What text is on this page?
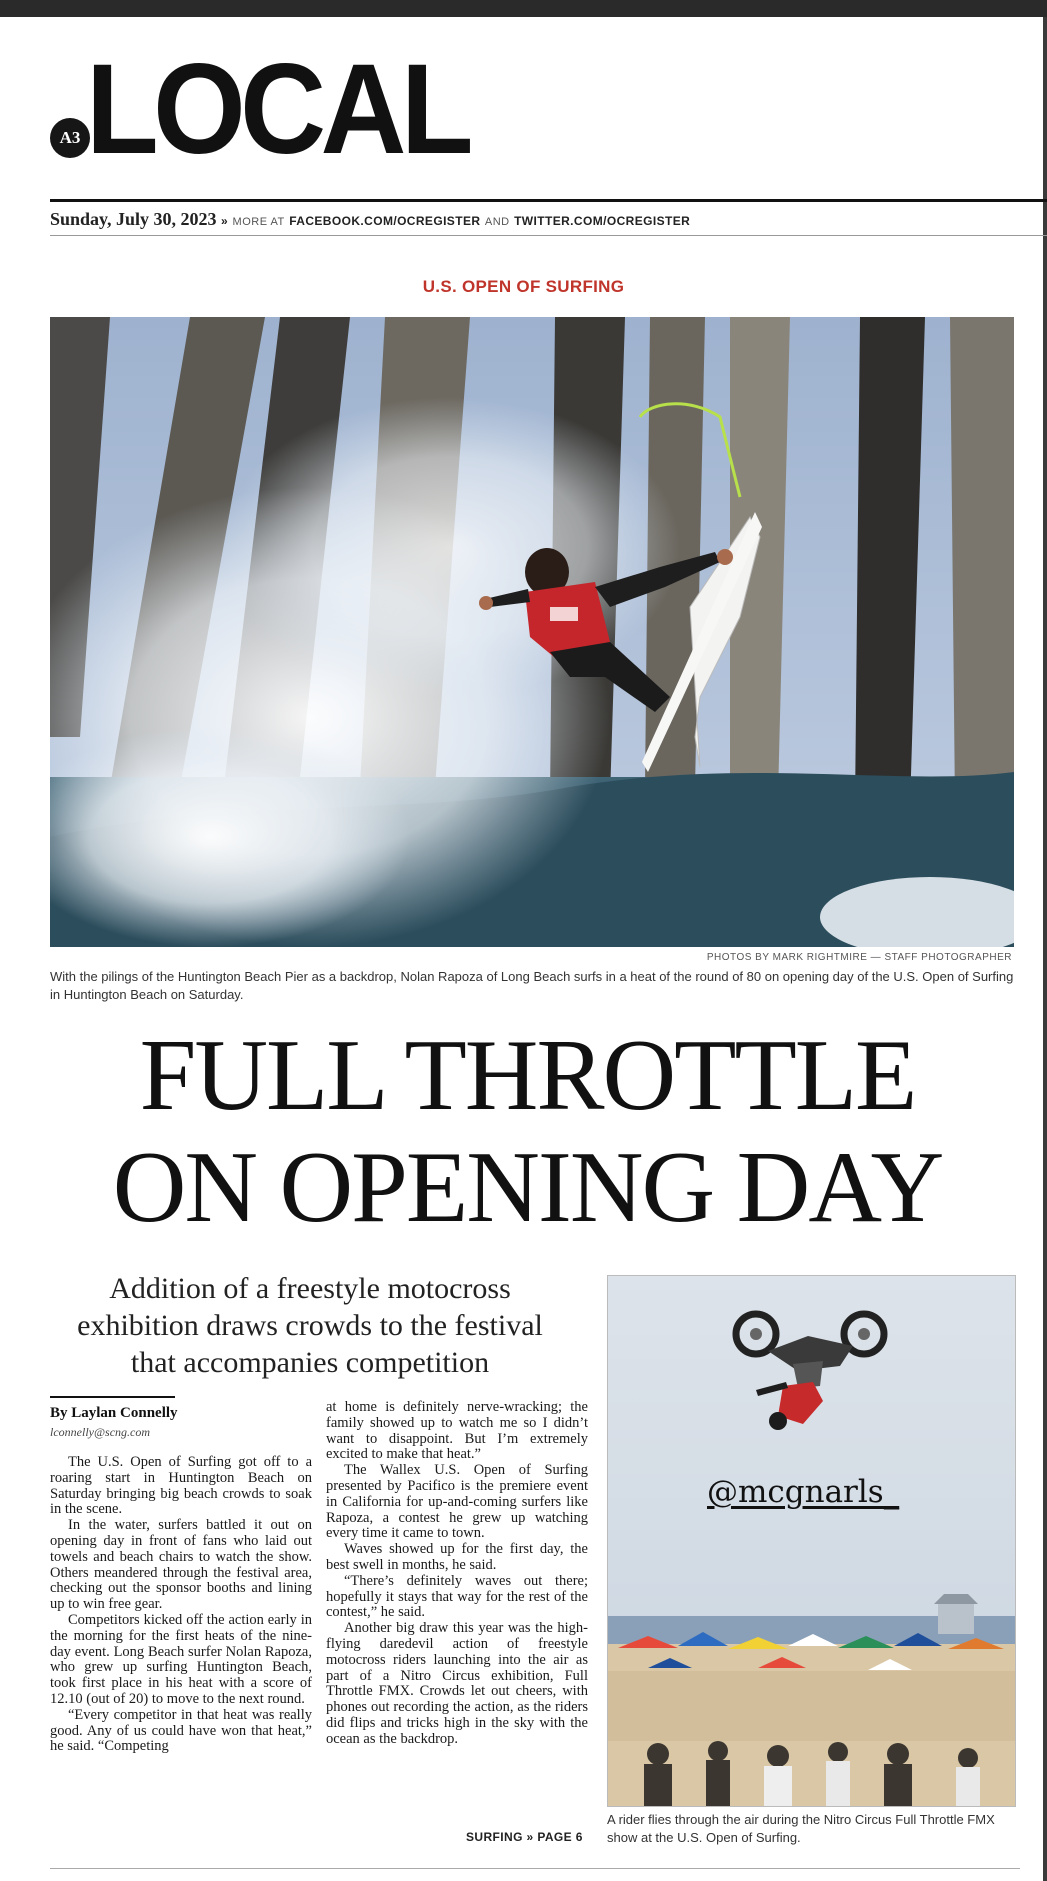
A3 LOCAL
Sunday, July 30, 2023 » MORE AT FACEBOOK.COM/OCREGISTER AND TWITTER.COM/OCREGISTER
U.S. OPEN OF SURFING
PHOTOS BY MARK RIGHTMIRE — STAFF PHOTOGRAPHER
With the pilings of the Huntington Beach Pier as a backdrop, Nolan Rapoza of Long Beach surfs in a heat of the round of 80 on opening day of the U.S. Open of Surfing in Huntington Beach on Saturday.
FULL THROTTLE
ON OPENING DAY
Addition of a freestyle motocross
exhibition draws crowds to the festival
that accompanies competition
By Laylan Connelly
lconnelly@scng.com

The U.S. Open of Surfing got off to a roaring start in Huntington Beach on Saturday bringing big beach crowds to soak in the scene.

In the water, surfers battled it out on opening day in front of fans who laid out towels and beach chairs to watch the show. Others meandered through the festival area, checking out the sponsor booths and lining up to win free gear.

Competitors kicked off the action early in the morning for the first heats of the nine-day event. Long Beach surfer Nolan Rapoza, who grew up surfing Huntington Beach, took first place in his heat with a score of 12.10 (out of 20) to move to the next round.

“Every competitor in that heat was really good. Any of us could have won that heat,” he said. “Competing

at home is definitely nerve-wracking; the family showed up to watch me so I didn’t want to disappoint. But I’m extremely excited to make that heat.”

The Wallex U.S. Open of Surfing presented by Pacifico is the premiere event in California for up-and-coming surfers like Rapoza, a contest he grew up watching every time it came to town.

Waves showed up for the first day, the best swell in months, he said.

“There’s definitely waves out there; hopefully it stays that way for the rest of the contest,” he said.

Another big draw this year was the high-flying daredevil action of freestyle motocross riders launching into the air as part of a Nitro Circus exhibition, Full Throttle FMX. Crowds let out cheers, with phones out recording the action, as the riders did flips and tricks high in the sky with the ocean as the backdrop.

SURFING » PAGE 6
@mcgnarls_
A rider flies through the air during the Nitro Circus Full Throttle FMX show at the U.S. Open of Surfing.
